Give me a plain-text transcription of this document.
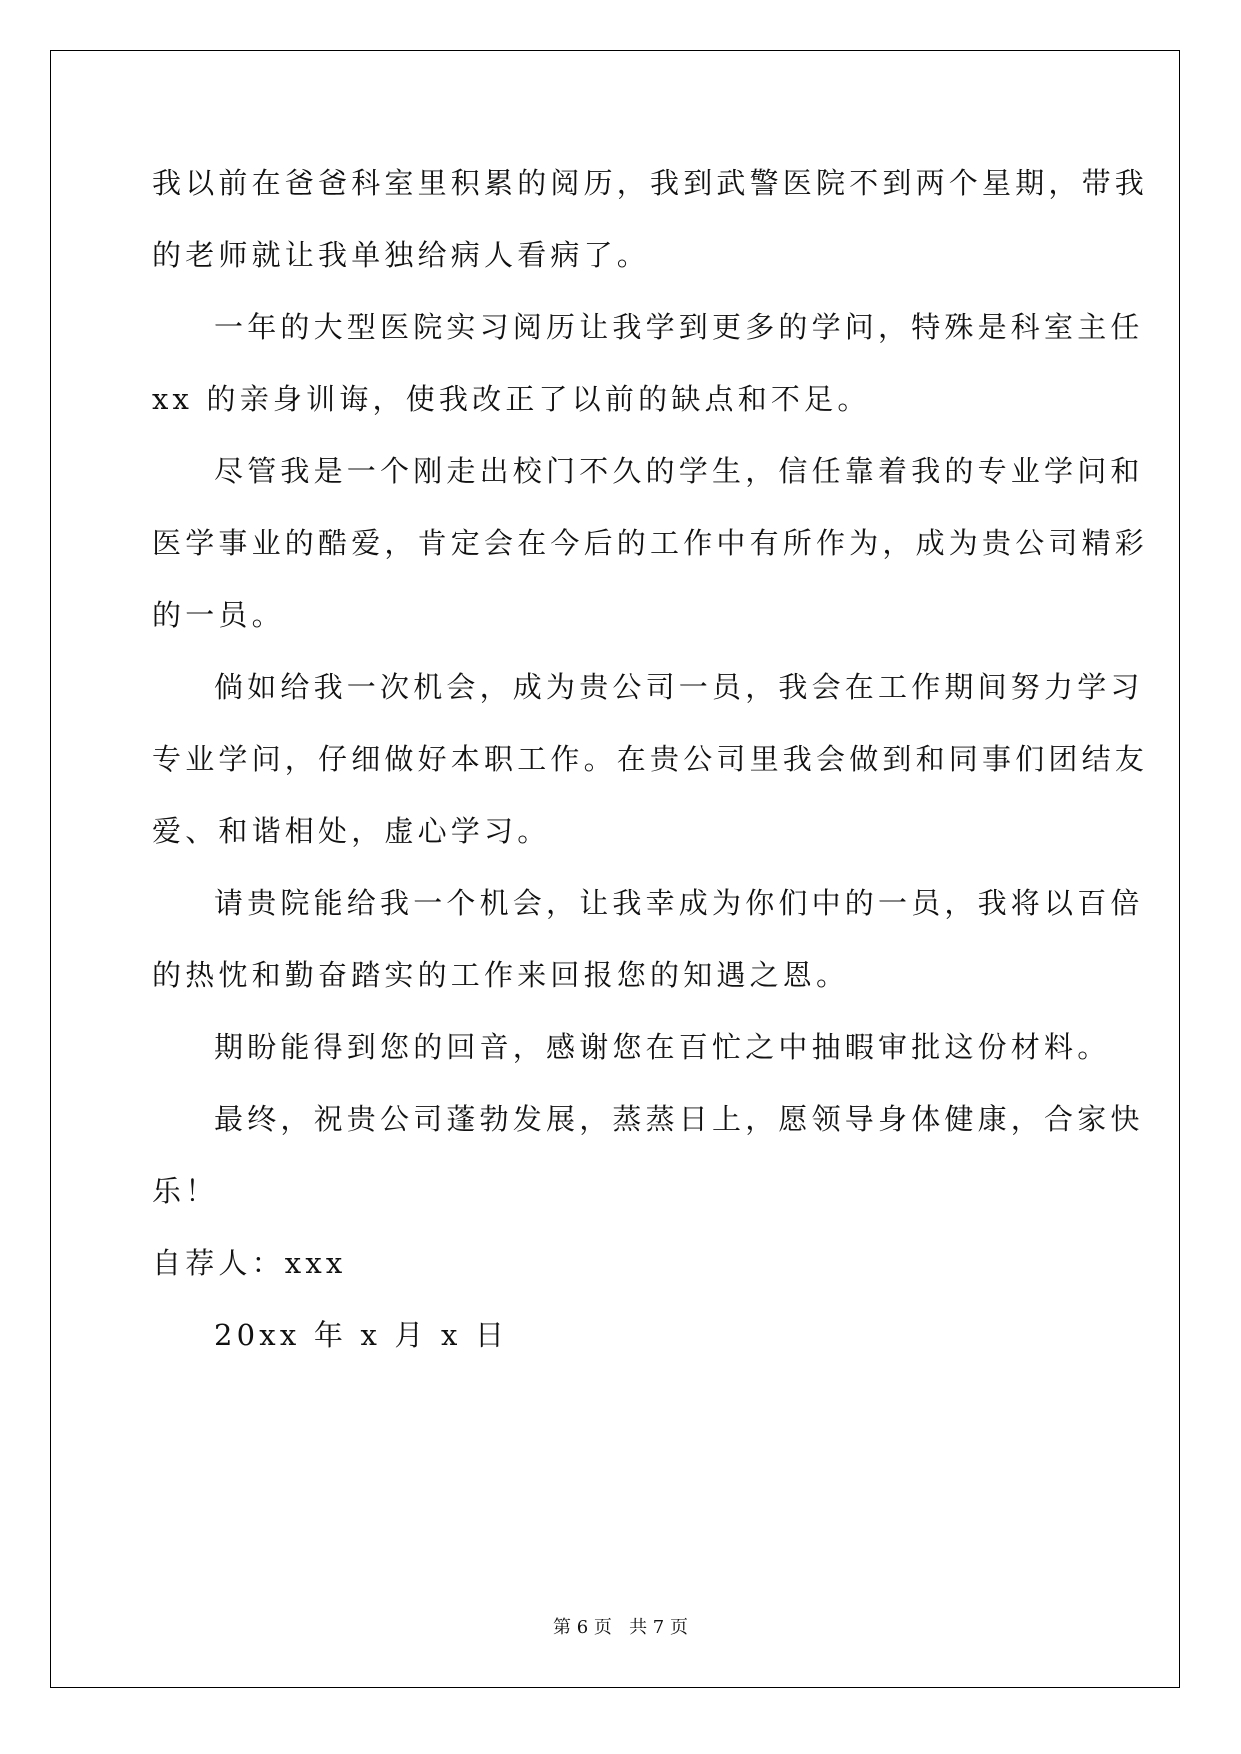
我以前在爸爸科室里积累的阅历，我到武警医院不到两个星期，带我
的老师就让我单独给病人看病了。
一年的大型医院实习阅历让我学到更多的学问，特殊是科室主任
xx 的亲身训诲，使我改正了以前的缺点和不足。
尽管我是一个刚走出校门不久的学生，信任靠着我的专业学问和
医学事业的酷爱，肯定会在今后的工作中有所作为，成为贵公司精彩
的一员。
倘如给我一次机会，成为贵公司一员，我会在工作期间努力学习
专业学问，仔细做好本职工作。在贵公司里我会做到和同事们团结友
爱、和谐相处，虚心学习。
请贵院能给我一个机会，让我幸成为你们中的一员，我将以百倍
的热忱和勤奋踏实的工作来回报您的知遇之恩。
期盼能得到您的回音，感谢您在百忙之中抽暇审批这份材料。
最终，祝贵公司蓬勃发展，蒸蒸日上，愿领导身体健康，合家快
乐！
自荐人：xxx
20xx 年 x 月 x 日
第 6 页 共 7 页
